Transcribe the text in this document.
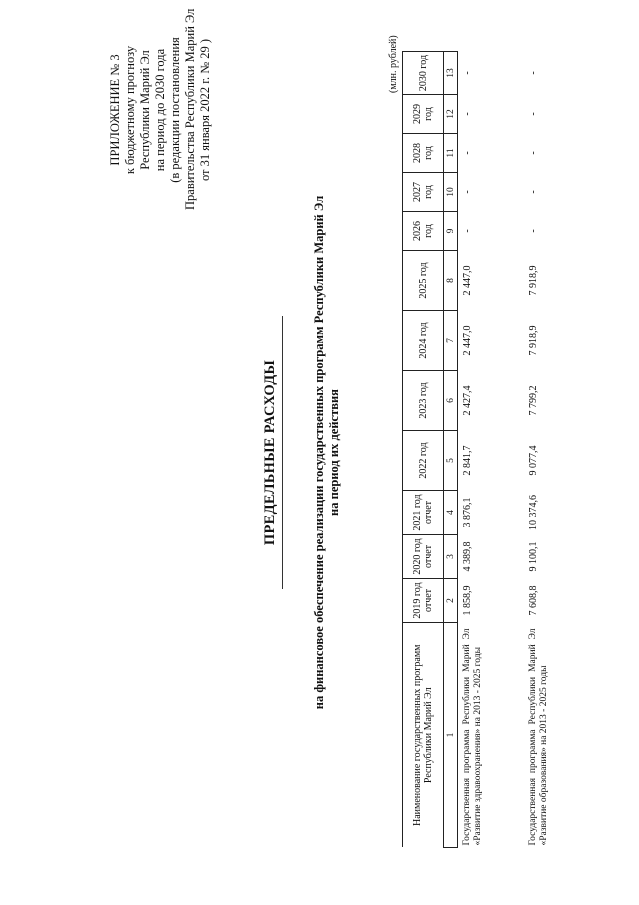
ПРИЛОЖЕНИЕ № 3 к бюджетному прогнозу Республики Марий Эл на период до 2030 года (в редакции постановления Правительства Республики Марий Эл от 31 января 2022 г. № 29 )
ПРЕДЕЛЬНЫЕ РАСХОДЫ	на финансовое обеспечение реализации государственных программ Республики Марий Эл на период их действия
(млн. рублей)
Наименование государственных программ Республики Марий Эл	2019 год отчет	2020 год отчет	2021 год отчет	2022 год	2023 год	2024 год	2025 год	2026 год	2027 год	2028 год	2029 год	2030 год
1	2	3	4	5	6	7	8	9	10	11	12	13
Государственная программа Республики Марий Эл «Развитие здравоохранения» на 2013 - 2025 годы	1 858,9	4 389,8	3 876,1	2 841,7	2 427,4	2 447,0	2 447,0	-	-	-	-	-
Государственная программа Республики Марий Эл «Развитие образования» на 2013 - 2025 годы	7 608,8	9 100,1	10 374,6	9 077,4	7 799,2	7 918,9	7 918,9	-	-	-	-	-
